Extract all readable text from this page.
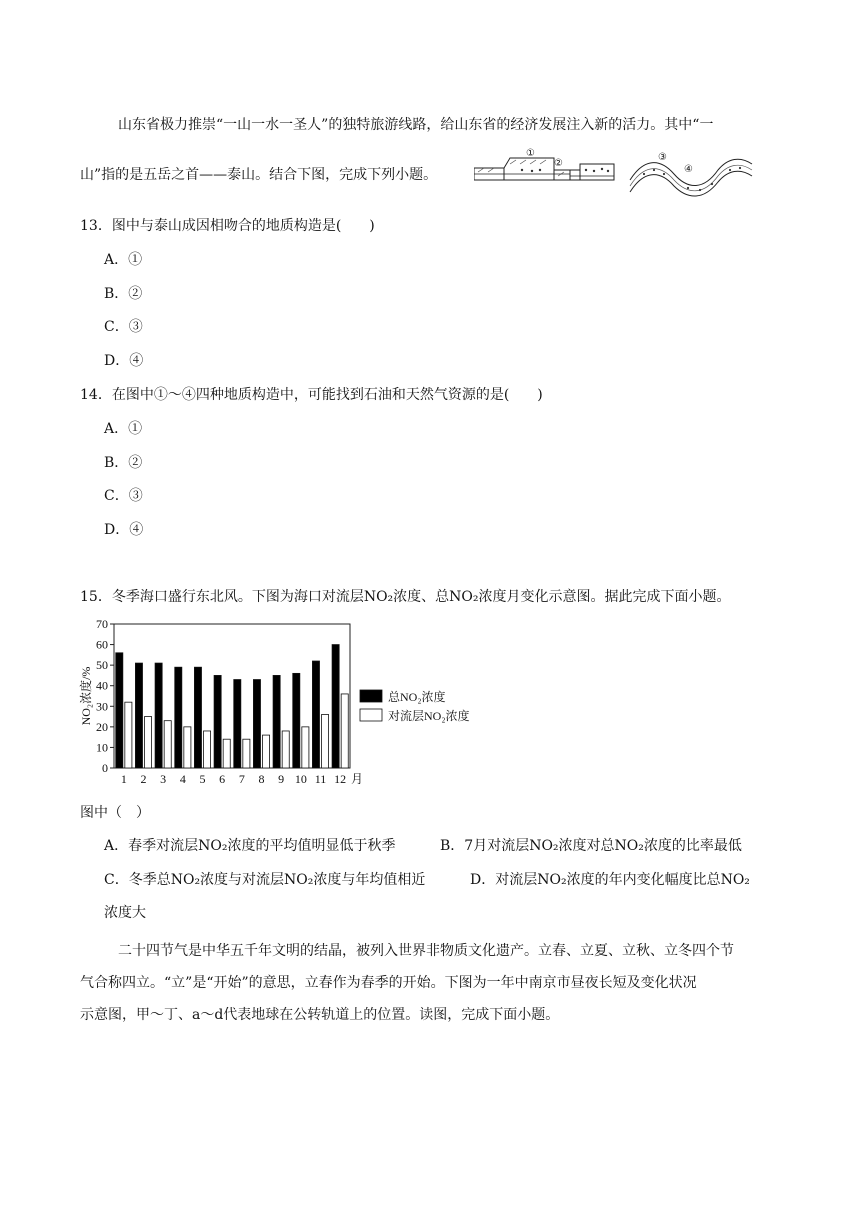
山东省极力推崇“一山一水一圣人”的独特旅游线路，给山东省的经济发展注入新的活力。其中“一
山”指的是五岳之首——泰山。结合下图，完成下列小题。
①
②
③
④
13．图中与泰山成因相吻合的地质构造是(　　)
A．①
B．②
C．③
D．④
14．在图中①～④四种地质构造中，可能找到石油和天然气资源的是(　　)
A．①
B．②
C．③
D．④
15．冬季海口盛行东北风。下图为海口对流层NO₂浓度、总NO₂浓度月变化示意图。据此完成下面小题。
0
10
20
30
40
50
60
70
NO₂浓度/%
1 2 3 4 5 6 7 8 9 10 11 12 月
总NO₂浓度
对流层NO₂浓度
图中（　）
A．春季对流层NO₂浓度的平均值明显低于秋季	B．7月对流层NO₂浓度对总NO₂浓度的比率最低
C．冬季总NO₂浓度与对流层NO₂浓度与年均值相近	D．对流层NO₂浓度的年内变化幅度比总NO₂
浓度大
二十四节气是中华五千年文明的结晶，被列入世界非物质文化遗产。立春、立夏、立秋、立冬四个节
气合称四立。“立”是“开始”的意思，立春作为春季的开始。下图为一年中南京市昼夜长短及变化状况
示意图，甲～丁、a～d代表地球在公转轨道上的位置。读图，完成下面小题。
